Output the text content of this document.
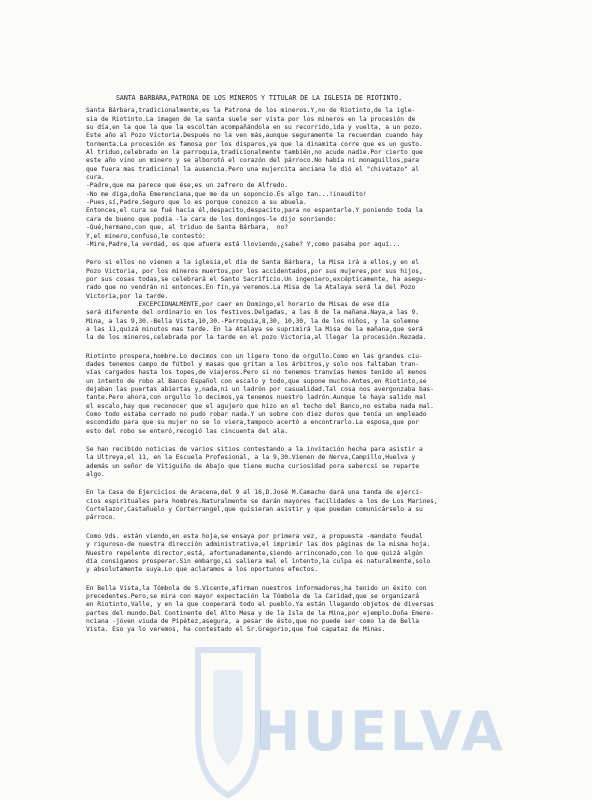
SANTA BARBARA,PATRONA DE LOS MINEROS Y TITULAR DE LA IGLESIA DE RIOTINTO.
Santa Bárbara,tradicionalmente,es la Patrona de los mineros.Y,no de Riotinto,de la igle-
sia de Riotinto.La imagen de la santa suele ser vista por los mineros en la procesión de
su día,en la que la que la escoltan acompañándola en su recorrido,ida y vuelta, a un pozo.
Este año al Pozo Victoria.Después no la ven más,aunque seguramente la recuerdan cuando hay
tormenta.La procesión es famosa por los disparos,ya que la dinamita corre que es un gusto.
Al triduo,celebrado en la parroquia,tradicionalmente también,no acude nadie.Por cierto que
este año vino un minero y se alborotó el corazón del párroco.No había ni monaguillos,para
que fuera mas tradicional la ausencia.Pero una mujercita anciana le dió el "chivatazo" al
cura.
-Padre,que ma parece que ése,es un zafrero de Alfredo.
-No me diga,doña Emerenciana,que me da un soponcio.Es algo tan...!inaudito!
-Pues,sí,Padre.Seguro que lo es porque conozco a su abuela.
Entonces,el cura se fué hacia él,despacito,despacito,para no espantarle.Y poniendo toda la
cara de bueno que podía -la cara de los domingos-le dijo sonriendo:
-Qué,hermano,con que, al triduo de Santa Bárbara,  no?
Y,el minero,confuso,le contestó:
-Mire,Padre,la verdad, es que afuera está lloviendo,¿sabe? Y,como pasaba por aquí...
Pero si ellos no vienen a la iglesia,el día de Santa Bárbara, la Misa irá a ellos,y en el
Pozo Victoria, por los mineros muertos,por los accidentados,por sus mujeres,por sus hijos,
por sus cosas todas,se celebrará el Santo Sacrificio.Un ingeniero,excépticamente, ha asegu-
rado que no vendrán ni entonces.En fín,ya veremos.La Misa de la Atalaya será la del Pozo
Victoria,por la tarde.
EXCEPCIONALMENTE,por caer en Domingo,el horario de Misas de ese día
será diferente del ordinario en los festivos.Delgadas, a las 8 de la mañana.Naya,a las 9.
Mina, a las 9,30.-Bella Vista,10,30.-Parroquia,8,30, 10,30, la de los niños, y la solemne
a las 11,quizá minutos mas tarde. En la Atalaya se suprimirá la Misa de la mañana,que será
la de los mineros,celebrada por la tarde en el pozo Victoria,al llegar la procesión.Rezada.
Riotinto prospera,hombre.Lo decimos con un ligero tono de orgullo.Como en las grandes ciu-
dades tenemos campo de fútbol y masas que gritan a los árbitros,y solo nos faltaban tran-
vías cargados hasta los topes,de viajeros.Pero si no tenemos tranvías hemos tenido al menos
un intento de robo al Banco Español con escalo y todo,que supone mucho.Antes,en Riotinto,se
dejaban las puertas abiertas y,nada,ni un ladrón por casualidad.Tal cosa nos avergonzaba bas-
tante.Pero ahora,con orgullo lo decimos,ya tenemos nuestro ladrón.Aunque le haya salido mal
el escalo,hay que reconocer que el agujero que hizo en el techo del Banco,no estaba nada mal.
Como todo estaba cerrado no pudo robar nada.Y un sobre con diez duros que tenía un empleado
escondido para que su mujer no se lo viera,tampoco acertó a encontrarlo.La esposa,que por
esto del robo se enteró,recogió las cincuenta del ala.
Se han recibido noticias de varios sitios contestando a la invitación hecha para asistir a
la Ultreya,el 11, en la Escuela Profesional, a la 9,30.Vienen de Nerva,Campillo,Huelva y
además un señor de Vitiguiño de Abajo que tiene mucha curiosidad pora sabercsi se reparte
algo.
En la Casa de Ejercicios de Aracena,del 9 al 16,D.José M.Camacho dará una tanda de ejerci-
cios espirituales para hombres.Naturalmente se darán mayores facilidades a los de Los Marines,
Cortelazor,Castañuelo y Corterrangel,que quisieran asistir y que puedan comunicárselo a su
párroco.
Como Vds. están viendo,en esta hoja,se ensaya por primera vez, a propuesta -mandato feudal
y riguroso-de nuestra dirección administrativa,el imprimir las dos páginas de la misma hoja.
Nuestro repelente director,está, afortunadamente,siendo arrinconado,con lo que quizá algún
día consigamos prosperar.Sin embargo,si saliera mal el intento,la culpa es naturalmente,solo
y absolutamente suya.Lo que aclaramos a los oportunos efectos.
En Bella Vista,la Tómbola de S.Vicente,afirman nuestros informadores,ha tenido un éxito con
precedentes.Pero,se mira con mayor expectación la Tómbola de la Caridad,que se organizará
en Riotinto,Valle, y en la que cooperará todo el pueblo.Ya están llegando objetos de diversas
partes del mundo.Del Continente del Alto Mesa y de la Isla de la Mina,por ejemplo.Doña Emere-
nciana -jóven viuda de Pipétez,asegura, a pesar de ésto,que no puede ser como la de Bella
Vista. Eso ya lo veremos, ha contestado el Sr.Gregorio,que fué capataz de Minas.
HUELVA
